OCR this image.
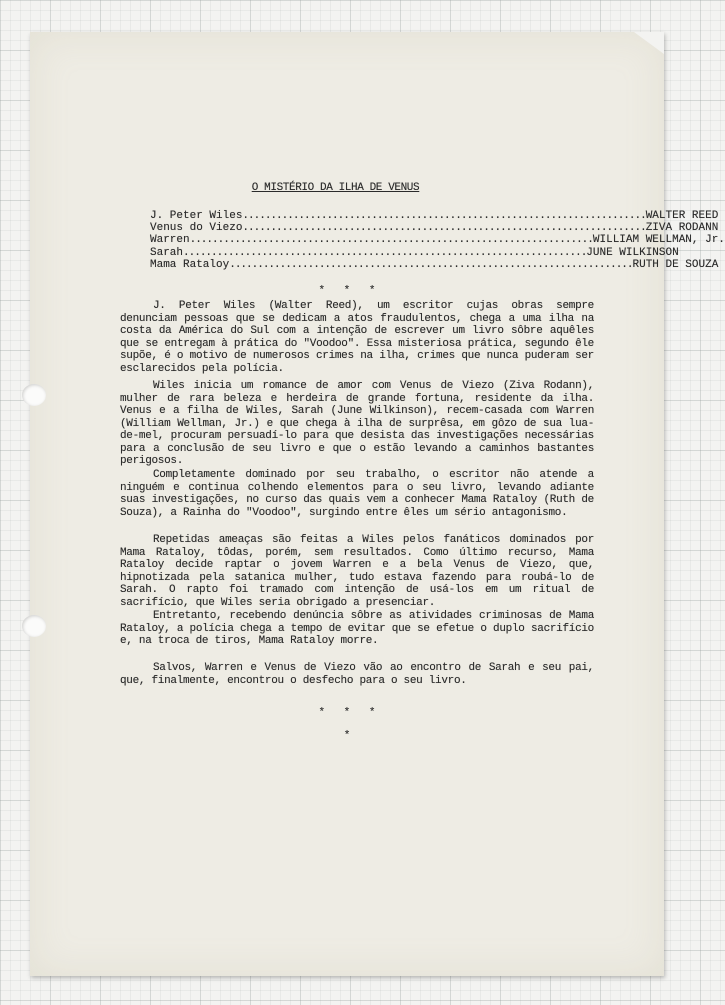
O MISTÉRIO DA ILHA DE VENUS
J. Peter Wiles ........................................................................ WALTER REED
Venus do Viezo ........................................................................ ZIVA RODANN
Warren ........................................................................ WILLIAM WELLMAN, Jr.
Sarah ........................................................................ JUNE WILKINSON
Mama Rataloy ........................................................................ RUTH DE SOUZA
* * *

J. Peter Wiles (Walter Reed), um escritor cujas obras sempre denunciam pessoas que se dedicam a atos fraudulentos, chega a uma ilha na costa da América do Sul com a intenção de escrever um livro sôbre aquêles que se entregam à prática do "Voodoo". Essa misteriosa prática, segundo êle supõe, é o motivo de numerosos crimes na ilha, crimes que nunca puderam ser esclarecidos pela polícia.

Wiles inicia um romance de amor com Venus de Viezo (Ziva Rodann), mulher de rara beleza e herdeira de grande fortuna, residente da ilha. Venus e a filha de Wiles, Sarah (June Wilkinson), recem-casada com Warren (William Wellman, Jr.) e que chega à ilha de surprêsa, em gôzo de sua lua-de-mel, procuram persuadí-lo para que desista das investigações necessárias para a conclusão de seu livro e que o estão levando a caminhos bastantes perigosos.

Completamente dominado por seu trabalho, o escritor não atende a ninguém e continua colhendo elementos para o seu livro, levando adiante suas investigações, no curso das quais vem a conhecer Mama Rataloy (Ruth de Souza), a Rainha do "Voodoo", surgindo entre êles um sério antagonismo.

Repetidas ameaças são feitas a Wiles pelos fanáticos dominados por Mama Rataloy, tôdas, porém, sem resultados. Como último recurso, Mama Rataloy decide raptar o jovem Warren e a bela Venus de Viezo, que, hipnotizada pela satanica mulher, tudo estava fazendo para roubá-lo de Sarah. O rapto foi tramado com intenção de usá-los em um ritual de sacrifício, que Wiles seria obrigado a presenciar.

Entretanto, recebendo denúncia sôbre as atividades criminosas de Mama Rataloy, a polícia chega a tempo de evitar que se efetue o duplo sacrifício e, na troca de tiros, Mama Rataloy morre.

Salvos, Warren e Venus de Viezo vão ao encontro de Sarah e seu pai, que, finalmente, encontrou o desfecho para o seu livro.

* * *
*
